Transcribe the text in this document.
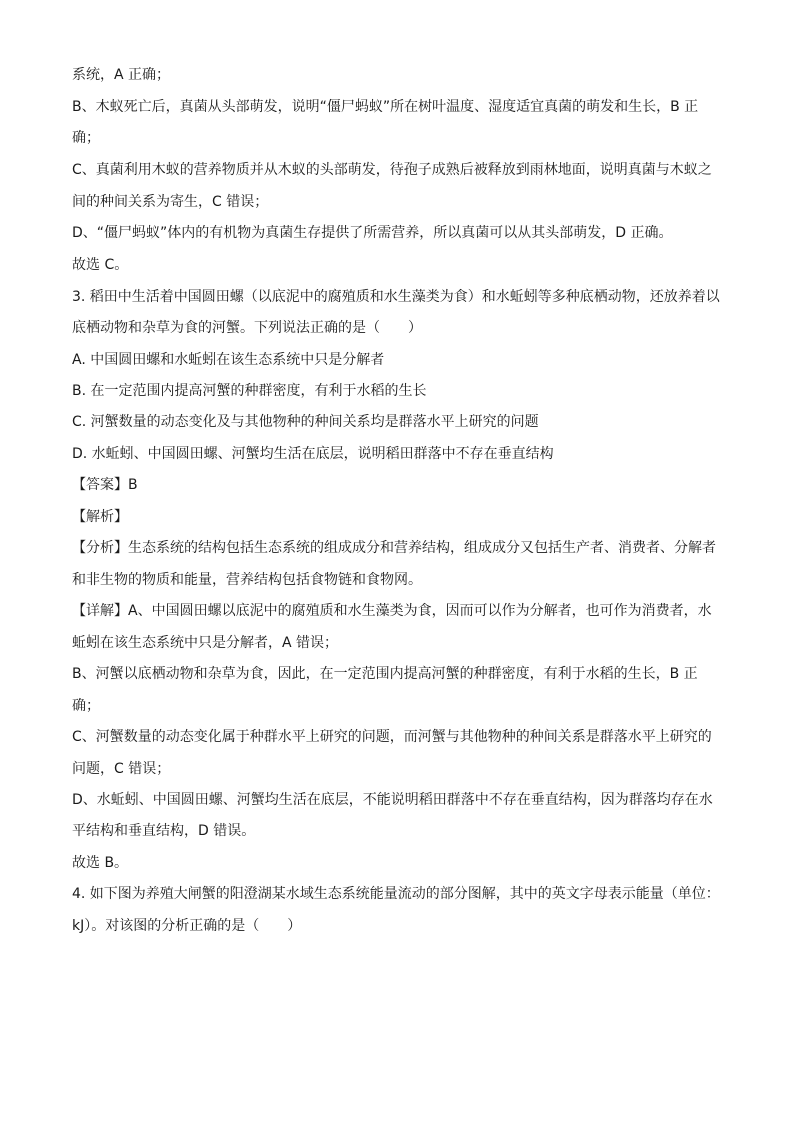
系统，A 正确；
B、木蚁死亡后，真菌从头部萌发，说明“僵尸蚂蚁”所在树叶温度、湿度适宜真菌的萌发和生长，B 正
确；
C、真菌利用木蚁的营养物质并从木蚁的头部萌发，待孢子成熟后被释放到雨林地面，说明真菌与木蚁之
间的种间关系为寄生，C 错误；
D、“僵尸蚂蚁”体内的有机物为真菌生存提供了所需营养，所以真菌可以从其头部萌发，D 正确。
故选 C。
3. 稻田中生活着中国圆田螺（以底泥中的腐殖质和水生藻类为食）和水蚯蚓等多种底栖动物，还放养着以
底栖动物和杂草为食的河蟹。下列说法正确的是（　　）
A. 中国圆田螺和水蚯蚓在该生态系统中只是分解者
B. 在一定范围内提高河蟹的种群密度，有利于水稻的生长
C. 河蟹数量的动态变化及与其他物种的种间关系均是群落水平上研究的问题
D. 水蚯蚓、中国圆田螺、河蟹均生活在底层，说明稻田群落中不存在垂直结构
【答案】B
【解析】
【分析】生态系统的结构包括生态系统的组成成分和营养结构，组成成分又包括生产者、消费者、分解者
和非生物的物质和能量，营养结构包括食物链和食物网。
【详解】A、中国圆田螺以底泥中的腐殖质和水生藻类为食，因而可以作为分解者，也可作为消费者，水
蚯蚓在该生态系统中只是分解者，A 错误；
B、河蟹以底栖动物和杂草为食，因此，在一定范围内提高河蟹的种群密度，有利于水稻的生长，B 正
确；
C、河蟹数量的动态变化属于种群水平上研究的问题，而河蟹与其他物种的种间关系是群落水平上研究的
问题，C 错误；
D、水蚯蚓、中国圆田螺、河蟹均生活在底层，不能说明稻田群落中不存在垂直结构，因为群落均存在水
平结构和垂直结构，D 错误。
故选 B。
4. 如下图为养殖大闸蟹的阳澄湖某水域生态系统能量流动的部分图解，其中的英文字母表示能量（单位：
kJ）。对该图的分析正确的是（　　）
